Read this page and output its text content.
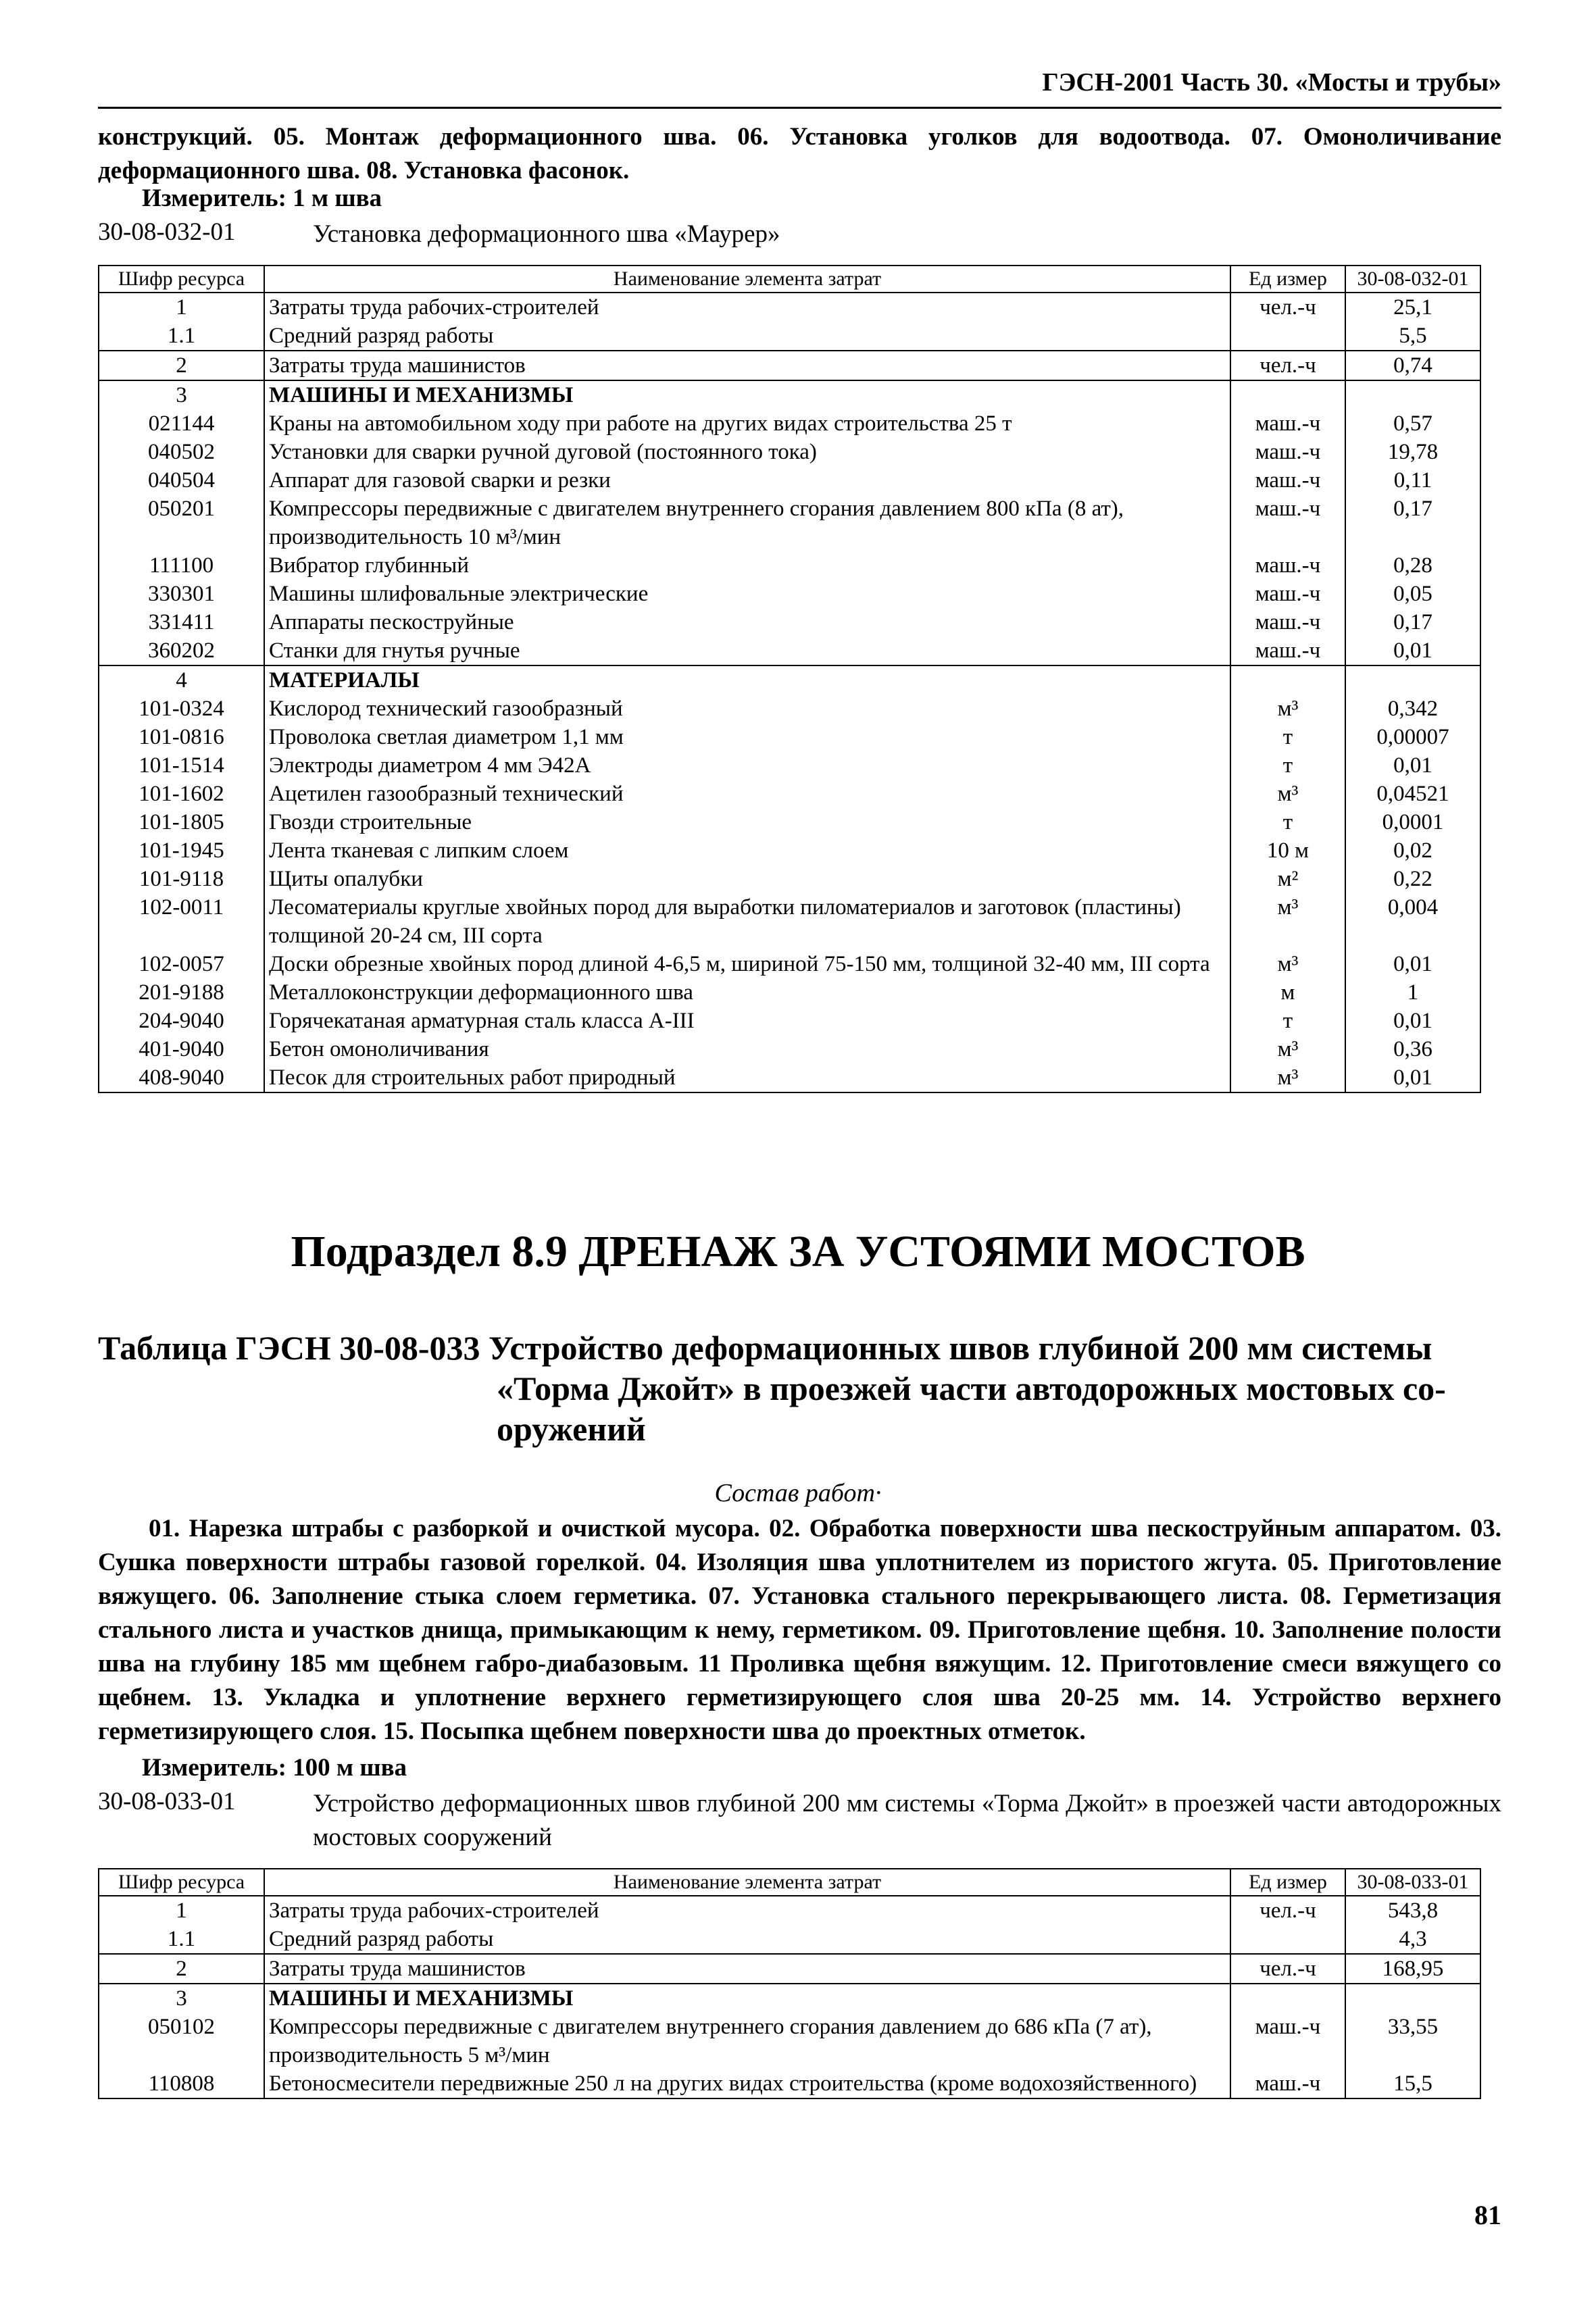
ГЭСН-2001 Часть 30. «Мосты и трубы»
конструкций. 05. Монтаж деформационного шва. 06. Установка уголков для водоотвода. 07. Омоноличивание деформационного шва. 08. Установка фасонок.
Измеритель: 1 м шва
30-08-032-01	Установка деформационного шва «Маурер»
Шифр ресурса	Наименование элемента затрат	Ед измер	30-08-032-01
1	Затраты труда рабочих-строителей	чел.-ч	25,1
1.1	Средний разряд работы		5,5
2	Затраты труда машинистов	чел.-ч	0,74
3	МАШИНЫ И МЕХАНИЗМЫ		
021144	Краны на автомобильном ходу при работе на других видах строительства 25 т	маш.-ч	0,57
040502	Установки для сварки ручной дуговой (постоянного тока)	маш.-ч	19,78
040504	Аппарат для газовой сварки и резки	маш.-ч	0,11
050201	Компрессоры передвижные с двигателем внутреннего сгорания давлением 800 кПа (8 ат), производительность 10 м³/мин	маш.-ч	0,17
111100	Вибратор глубинный	маш.-ч	0,28
330301	Машины шлифовальные электрические	маш.-ч	0,05
331411	Аппараты пескоструйные	маш.-ч	0,17
360202	Станки для гнутья ручные	маш.-ч	0,01
4	МАТЕРИАЛЫ		
101-0324	Кислород технический газообразный	м³	0,342
101-0816	Проволока светлая диаметром 1,1 мм	т	0,00007
101-1514	Электроды диаметром 4 мм Э42А	т	0,01
101-1602	Ацетилен газообразный технический	м³	0,04521
101-1805	Гвозди строительные	т	0,0001
101-1945	Лента тканевая с липким слоем	10 м	0,02
101-9118	Щиты опалубки	м²	0,22
102-0011	Лесоматериалы круглые хвойных пород для выработки пиломатериалов и заготовок (пластины) толщиной 20-24 см, III сорта	м³	0,004
102-0057	Доски обрезные хвойных пород длиной 4-6,5 м, шириной 75-150 мм, толщиной 32-40 мм, III сорта	м³	0,01
201-9188	Металлоконструкции деформационного шва	м	1
204-9040	Горячекатаная арматурная сталь класса А-III	т	0,01
401-9040	Бетон омоноличивания	м³	0,36
408-9040	Песок для строительных работ природный	м³	0,01
Подраздел 8.9 ДРЕНАЖ ЗА УСТОЯМИ МОСТОВ
Таблица ГЭСН 30-08-033 Устройство деформационных швов глубиной 200 мм системы
«Торма Джойт» в проезжей части автодорожных мостовых со-
оружений
Состав работ·
01. Нарезка штрабы с разборкой и очисткой мусора. 02. Обработка поверхности шва пескоструйным аппаратом. 03. Сушка поверхности штрабы газовой горелкой. 04. Изоляция шва уплотнителем из пористого жгута. 05. Приготовление вяжущего. 06. Заполнение стыка слоем герметика. 07. Установка стального перекрывающего листа. 08. Герметизация стального листа и участков днища, примыкающим к нему, герметиком. 09. Приготовление щебня. 10. Заполнение полости шва на глубину 185 мм щебнем габро-диабазовым. 11 Проливка щебня вяжущим. 12. Приготовление смеси вяжущего со щебнем. 13. Укладка и уплотнение верхнего герметизирующего слоя шва 20-25 мм. 14. Устройство верхнего герметизирующего слоя. 15. Посыпка щебнем поверхности шва до проектных отметок.
Измеритель: 100 м шва
30-08-033-01	Устройство деформационных швов глубиной 200 мм системы «Торма Джойт» в проезжей части автодорожных мостовых сооружений
Шифр ресурса	Наименование элемента затрат	Ед измер	30-08-033-01
1	Затраты труда рабочих-строителей	чел.-ч	543,8
1.1	Средний разряд работы		4,3
2	Затраты труда машинистов	чел.-ч	168,95
3	МАШИНЫ И МЕХАНИЗМЫ		
050102	Компрессоры передвижные с двигателем внутреннего сгорания давлением до 686 кПа (7 ат), производительность 5 м³/мин	маш.-ч	33,55
110808	Бетоносмесители передвижные 250 л на других видах строительства (кроме водохозяйственного)	маш.-ч	15,5
81
